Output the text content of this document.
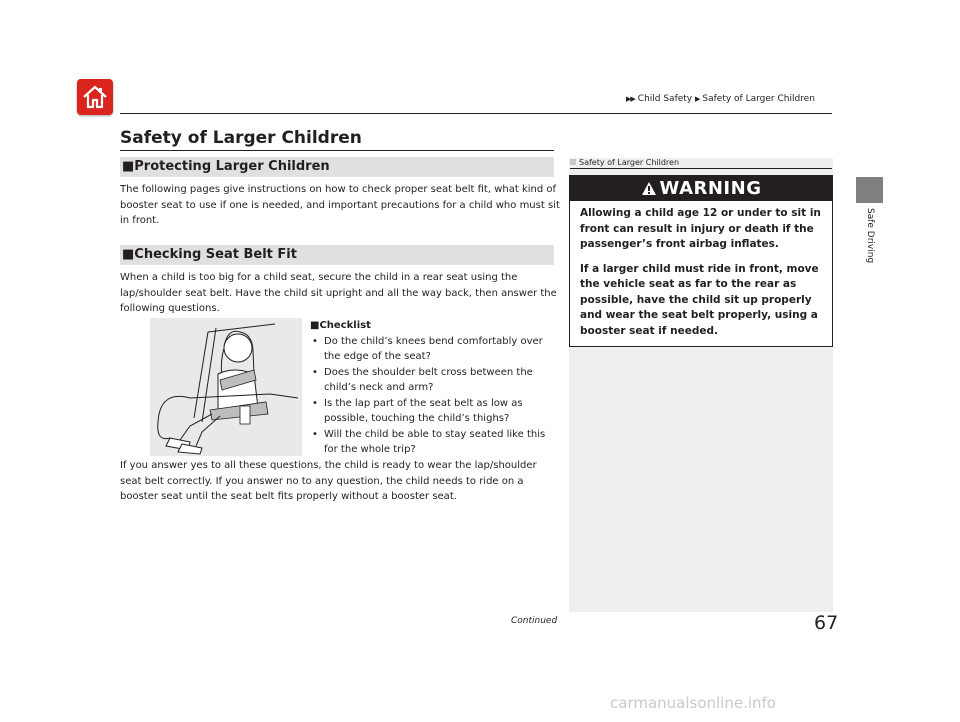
▶▶ Child Safety ▶ Safety of Larger Children
Safe Driving
Safety of Larger Children
■Protecting Larger Children
The following pages give instructions on how to check proper seat belt fit, what kind of booster seat to use if one is needed, and important precautions for a child who must sit in front.
■Checking Seat Belt Fit
When a child is too big for a child seat, secure the child in a rear seat using the lap/shoulder seat belt. Have the child sit upright and all the way back, then answer the following questions.
■Checklist
• Do the child’s knees bend comfortably over the edge of the seat?
• Does the shoulder belt cross between the child’s neck and arm?
• Is the lap part of the seat belt as low as possible, touching the child’s thighs?
• Will the child be able to stay seated like this for the whole trip?
If you answer yes to all these questions, the child is ready to wear the lap/shoulder seat belt correctly. If you answer no to any question, the child needs to ride on a booster seat until the seat belt fits properly without a booster seat.
Safety of Larger Children
WARNING

Allowing a child age 12 or under to sit in front can result in injury or death if the passenger’s front airbag inflates.

If a larger child must ride in front, move the vehicle seat as far to the rear as possible, have the child sit up properly and wear the seat belt properly, using a booster seat if needed.

Continued	67
carmanualsonline.info
